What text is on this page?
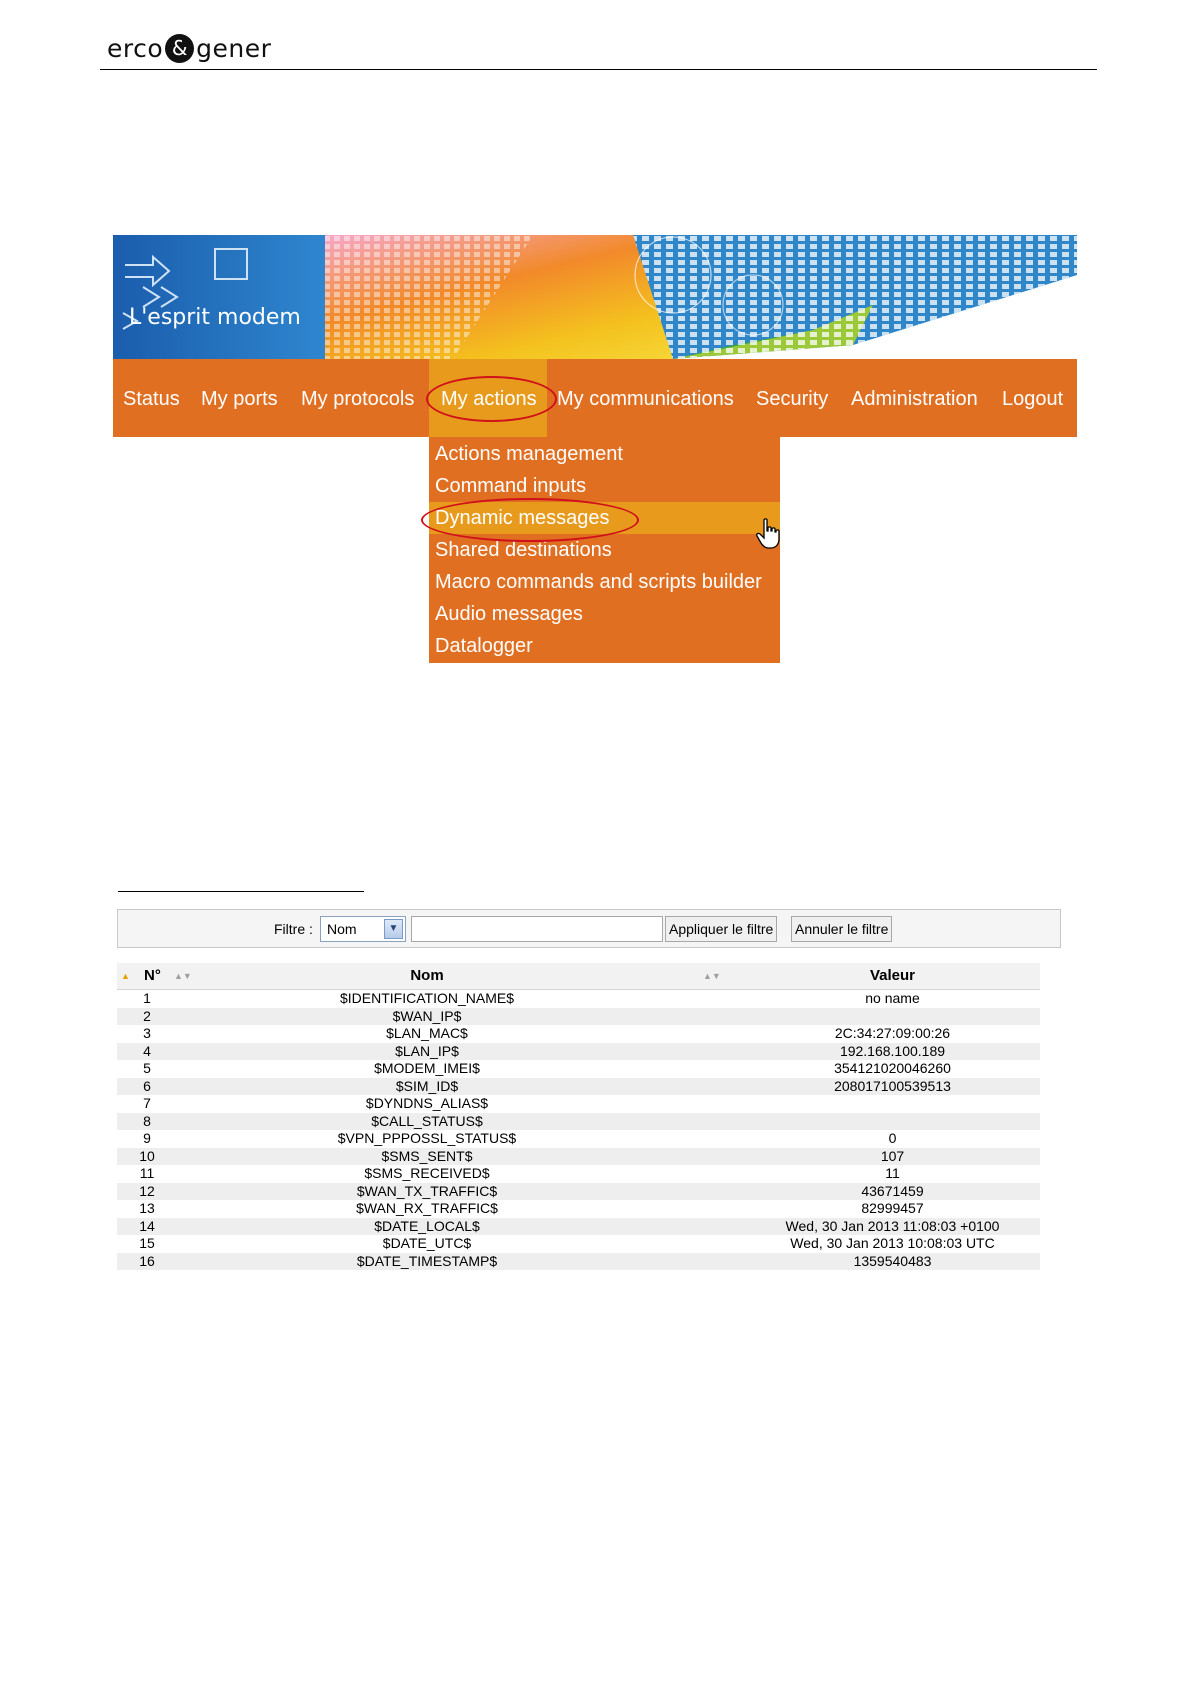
erco & gener
L'esprit modem
Status My ports My protocols	My actions	My communications Security Administration Logout
Actions management
Command inputs
Dynamic messages
Shared destinations
Macro commands and scripts builder
Audio messages
Datalogger
Filtre :	Nom	▼	Appliquer le filtre Annuler le filtre
▲ N° ▲▼	Nom	▲▼	Valeur
1	$IDENTIFICATION_NAME$	no name
2	$WAN_IP$
3	$LAN_MAC$	2C:34:27:09:00:26
4	$LAN_IP$	192.168.100.189
5	$MODEM_IMEI$	354121020046260
6	$SIM_ID$	208017100539513
7	$DYNDNS_ALIAS$
8	$CALL_STATUS$
9	$VPN_PPPOSSL_STATUS$	0
10	$SMS_SENT$	107
11	$SMS_RECEIVED$	11
12	$WAN_TX_TRAFFIC$	43671459
13	$WAN_RX_TRAFFIC$	82999457
14	$DATE_LOCAL$	Wed, 30 Jan 2013 11:08:03 +0100
15	$DATE_UTC$	Wed, 30 Jan 2013 10:08:03 UTC
16	$DATE_TIMESTAMP$	1359540483
